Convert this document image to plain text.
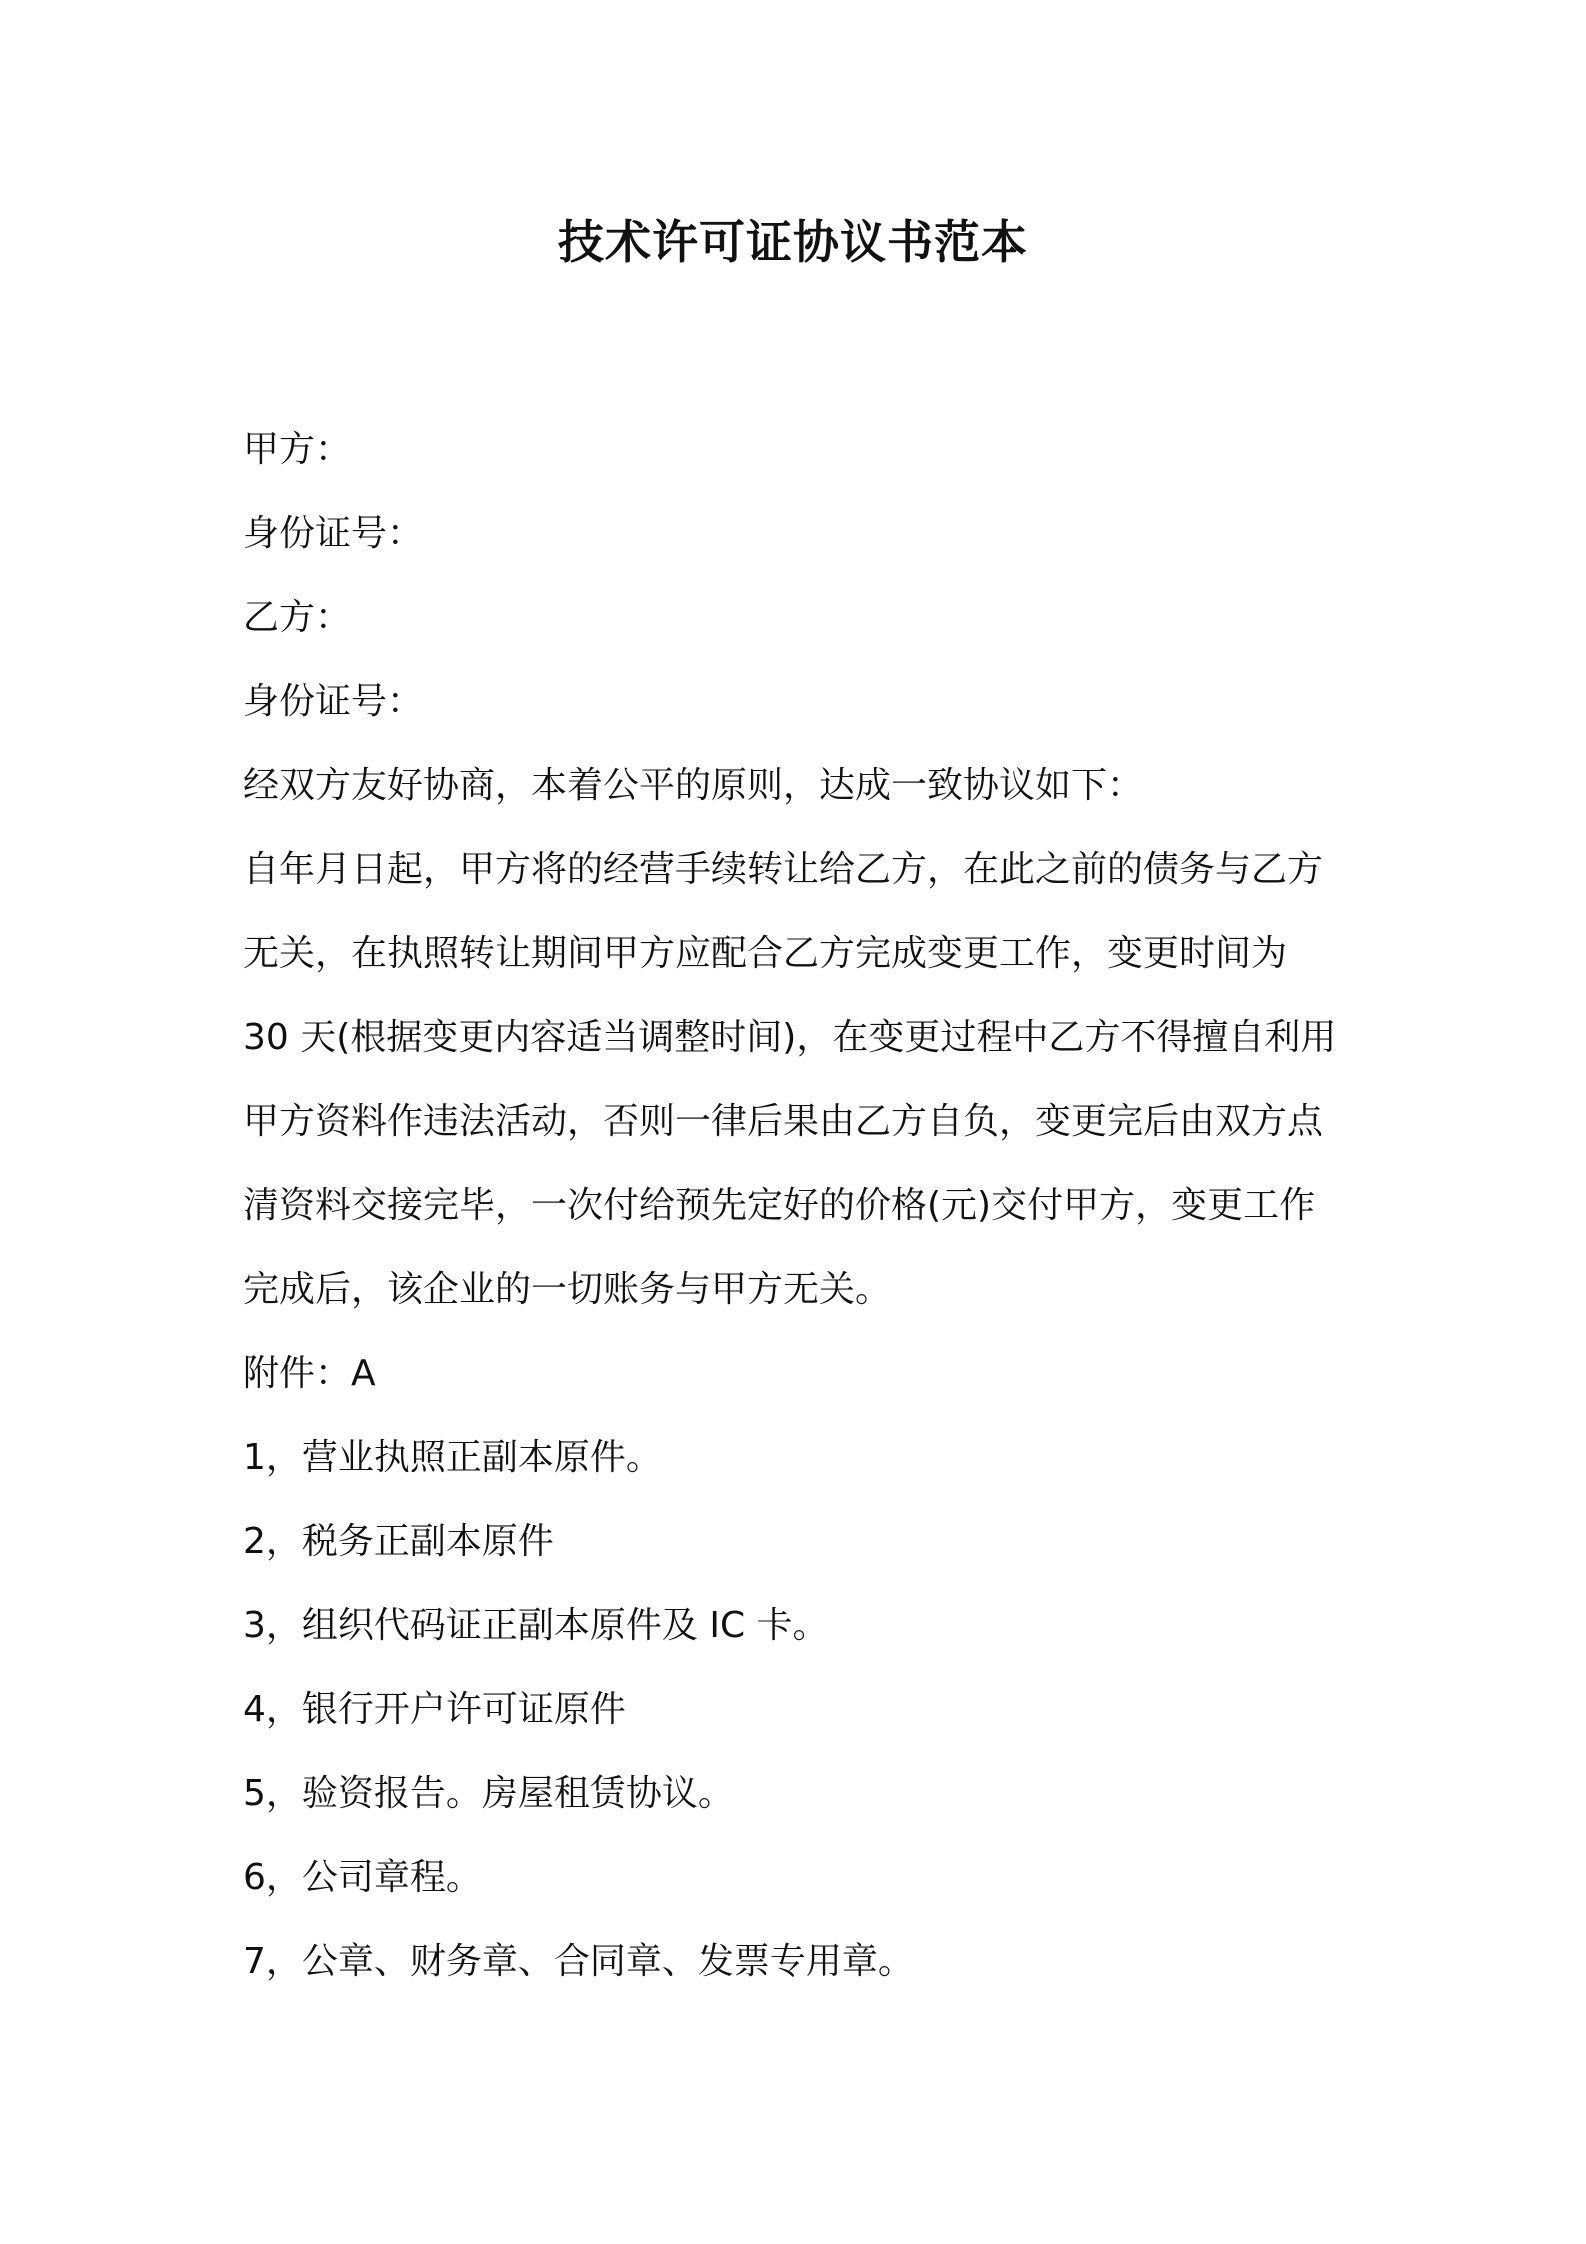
技术许可证协议书范本

甲方：

身份证号：

乙方：

身份证号：

经双方友好协商，本着公平的原则，达成一致协议如下：

自年月日起，甲方将的经营手续转让给乙方，在此之前的债务与乙方

无关，在执照转让期间甲方应配合乙方完成变更工作，变更时间为

30 天(根据变更内容适当调整时间)，在变更过程中乙方不得擅自利用

甲方资料作违法活动，否则一律后果由乙方自负，变更完后由双方点

清资料交接完毕，一次付给预先定好的价格(元)交付甲方，变更工作

完成后，该企业的一切账务与甲方无关。

附件：A

1，营业执照正副本原件。

2，税务正副本原件

3，组织代码证正副本原件及 IC 卡。

4，银行开户许可证原件

5，验资报告。房屋租赁协议。

6，公司章程。

7，公章、财务章、合同章、发票专用章。
